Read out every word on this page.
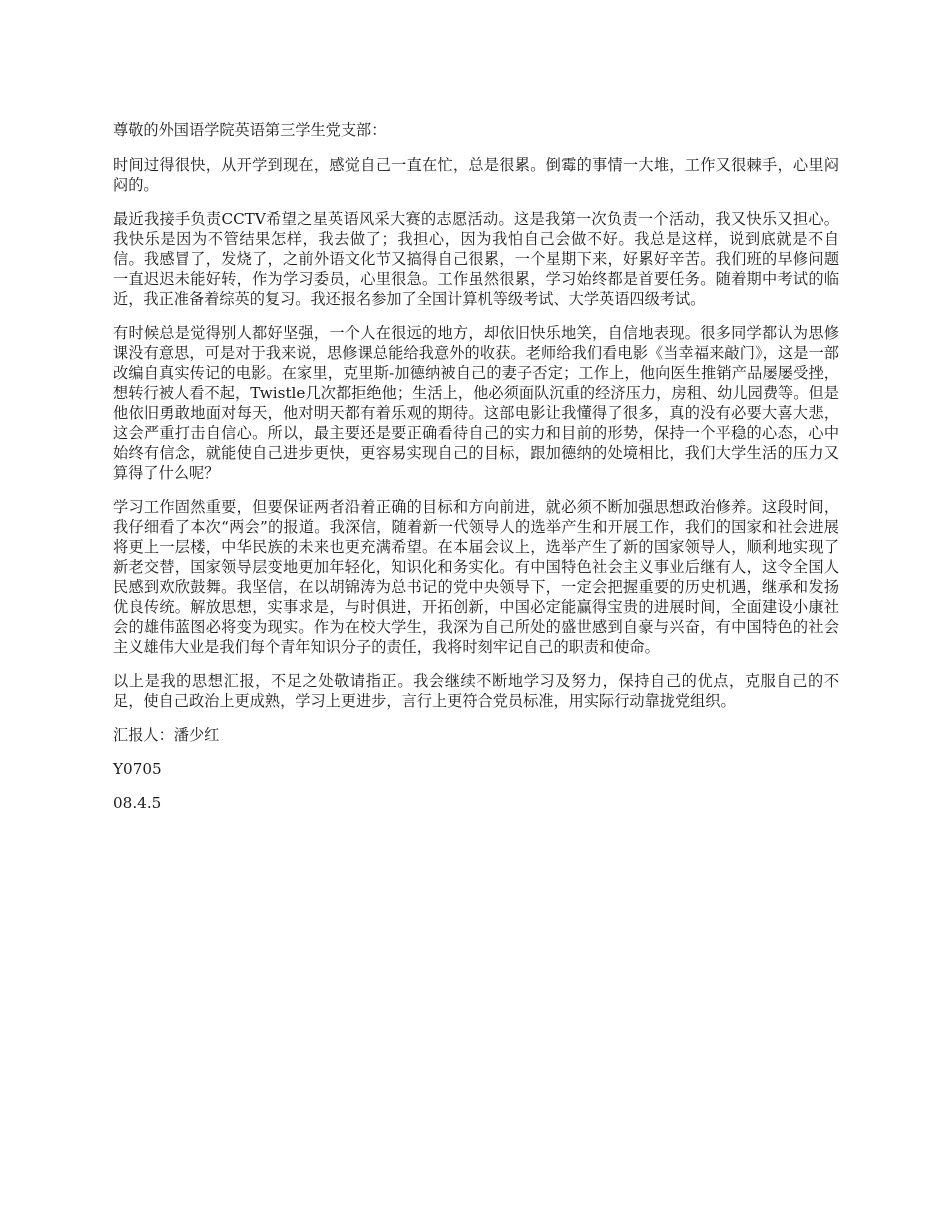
尊敬的外国语学院英语第三学生党支部：

时间过得很快，从开学到现在，感觉自己一直在忙，总是很累。倒霉的事情一大堆，工作又很棘手，心里闷闷的。

最近我接手负责CCTV希望之星英语风采大赛的志愿活动。这是我第一次负责一个活动，我又快乐又担心。我快乐是因为不管结果怎样，我去做了；我担心，因为我怕自己会做不好。我总是这样，说到底就是不自信。我感冒了，发烧了，之前外语文化节又搞得自己很累，一个星期下来，好累好辛苦。我们班的早修问题一直迟迟未能好转，作为学习委员，心里很急。工作虽然很累，学习始终都是首要任务。随着期中考试的临近，我正准备着综英的复习。我还报名参加了全国计算机等级考试、大学英语四级考试。

有时候总是觉得别人都好坚强，一个人在很远的地方，却依旧快乐地笑，自信地表现。很多同学都认为思修课没有意思，可是对于我来说，思修课总能给我意外的收获。老师给我们看电影《当幸福来敲门》，这是一部改编自真实传记的电影。在家里，克里斯-加德纳被自己的妻子否定；工作上，他向医生推销产品屡屡受挫，想转行被人看不起，Twistle几次都拒绝他；生活上，他必须面队沉重的经济压力，房租、幼儿园费等。但是他依旧勇敢地面对每天，他对明天都有着乐观的期待。这部电影让我懂得了很多，真的没有必要大喜大悲，这会严重打击自信心。所以，最主要还是要正确看待自己的实力和目前的形势，保持一个平稳的心态，心中始终有信念，就能使自己进步更快，更容易实现自己的目标，跟加德纳的处境相比，我们大学生活的压力又算得了什么呢？

学习工作固然重要，但要保证两者沿着正确的目标和方向前进，就必须不断加强思想政治修养。这段时间，我仔细看了本次“两会”的报道。我深信，随着新一代领导人的选举产生和开展工作，我们的国家和社会进展将更上一层楼，中华民族的未来也更充满希望。在本届会议上，选举产生了新的国家领导人，顺利地实现了新老交替，国家领导层变地更加年轻化，知识化和务实化。有中国特色社会主义事业后继有人，这令全国人民感到欢欣鼓舞。我坚信，在以胡锦涛为总书记的党中央领导下，一定会把握重要的历史机遇，继承和发扬优良传统。解放思想，实事求是，与时俱进，开拓创新，中国必定能赢得宝贵的进展时间，全面建设小康社会的雄伟蓝图必将变为现实。作为在校大学生，我深为自己所处的盛世感到自豪与兴奋，有中国特色的社会主义雄伟大业是我们每个青年知识分子的责任，我将时刻牢记自己的职责和使命。

以上是我的思想汇报，不足之处敬请指正。我会继续不断地学习及努力，保持自己的优点，克服自己的不足，使自己政治上更成熟，学习上更进步，言行上更符合党员标准，用实际行动靠拢党组织。

汇报人：潘少红

Y0705

08.4.5
